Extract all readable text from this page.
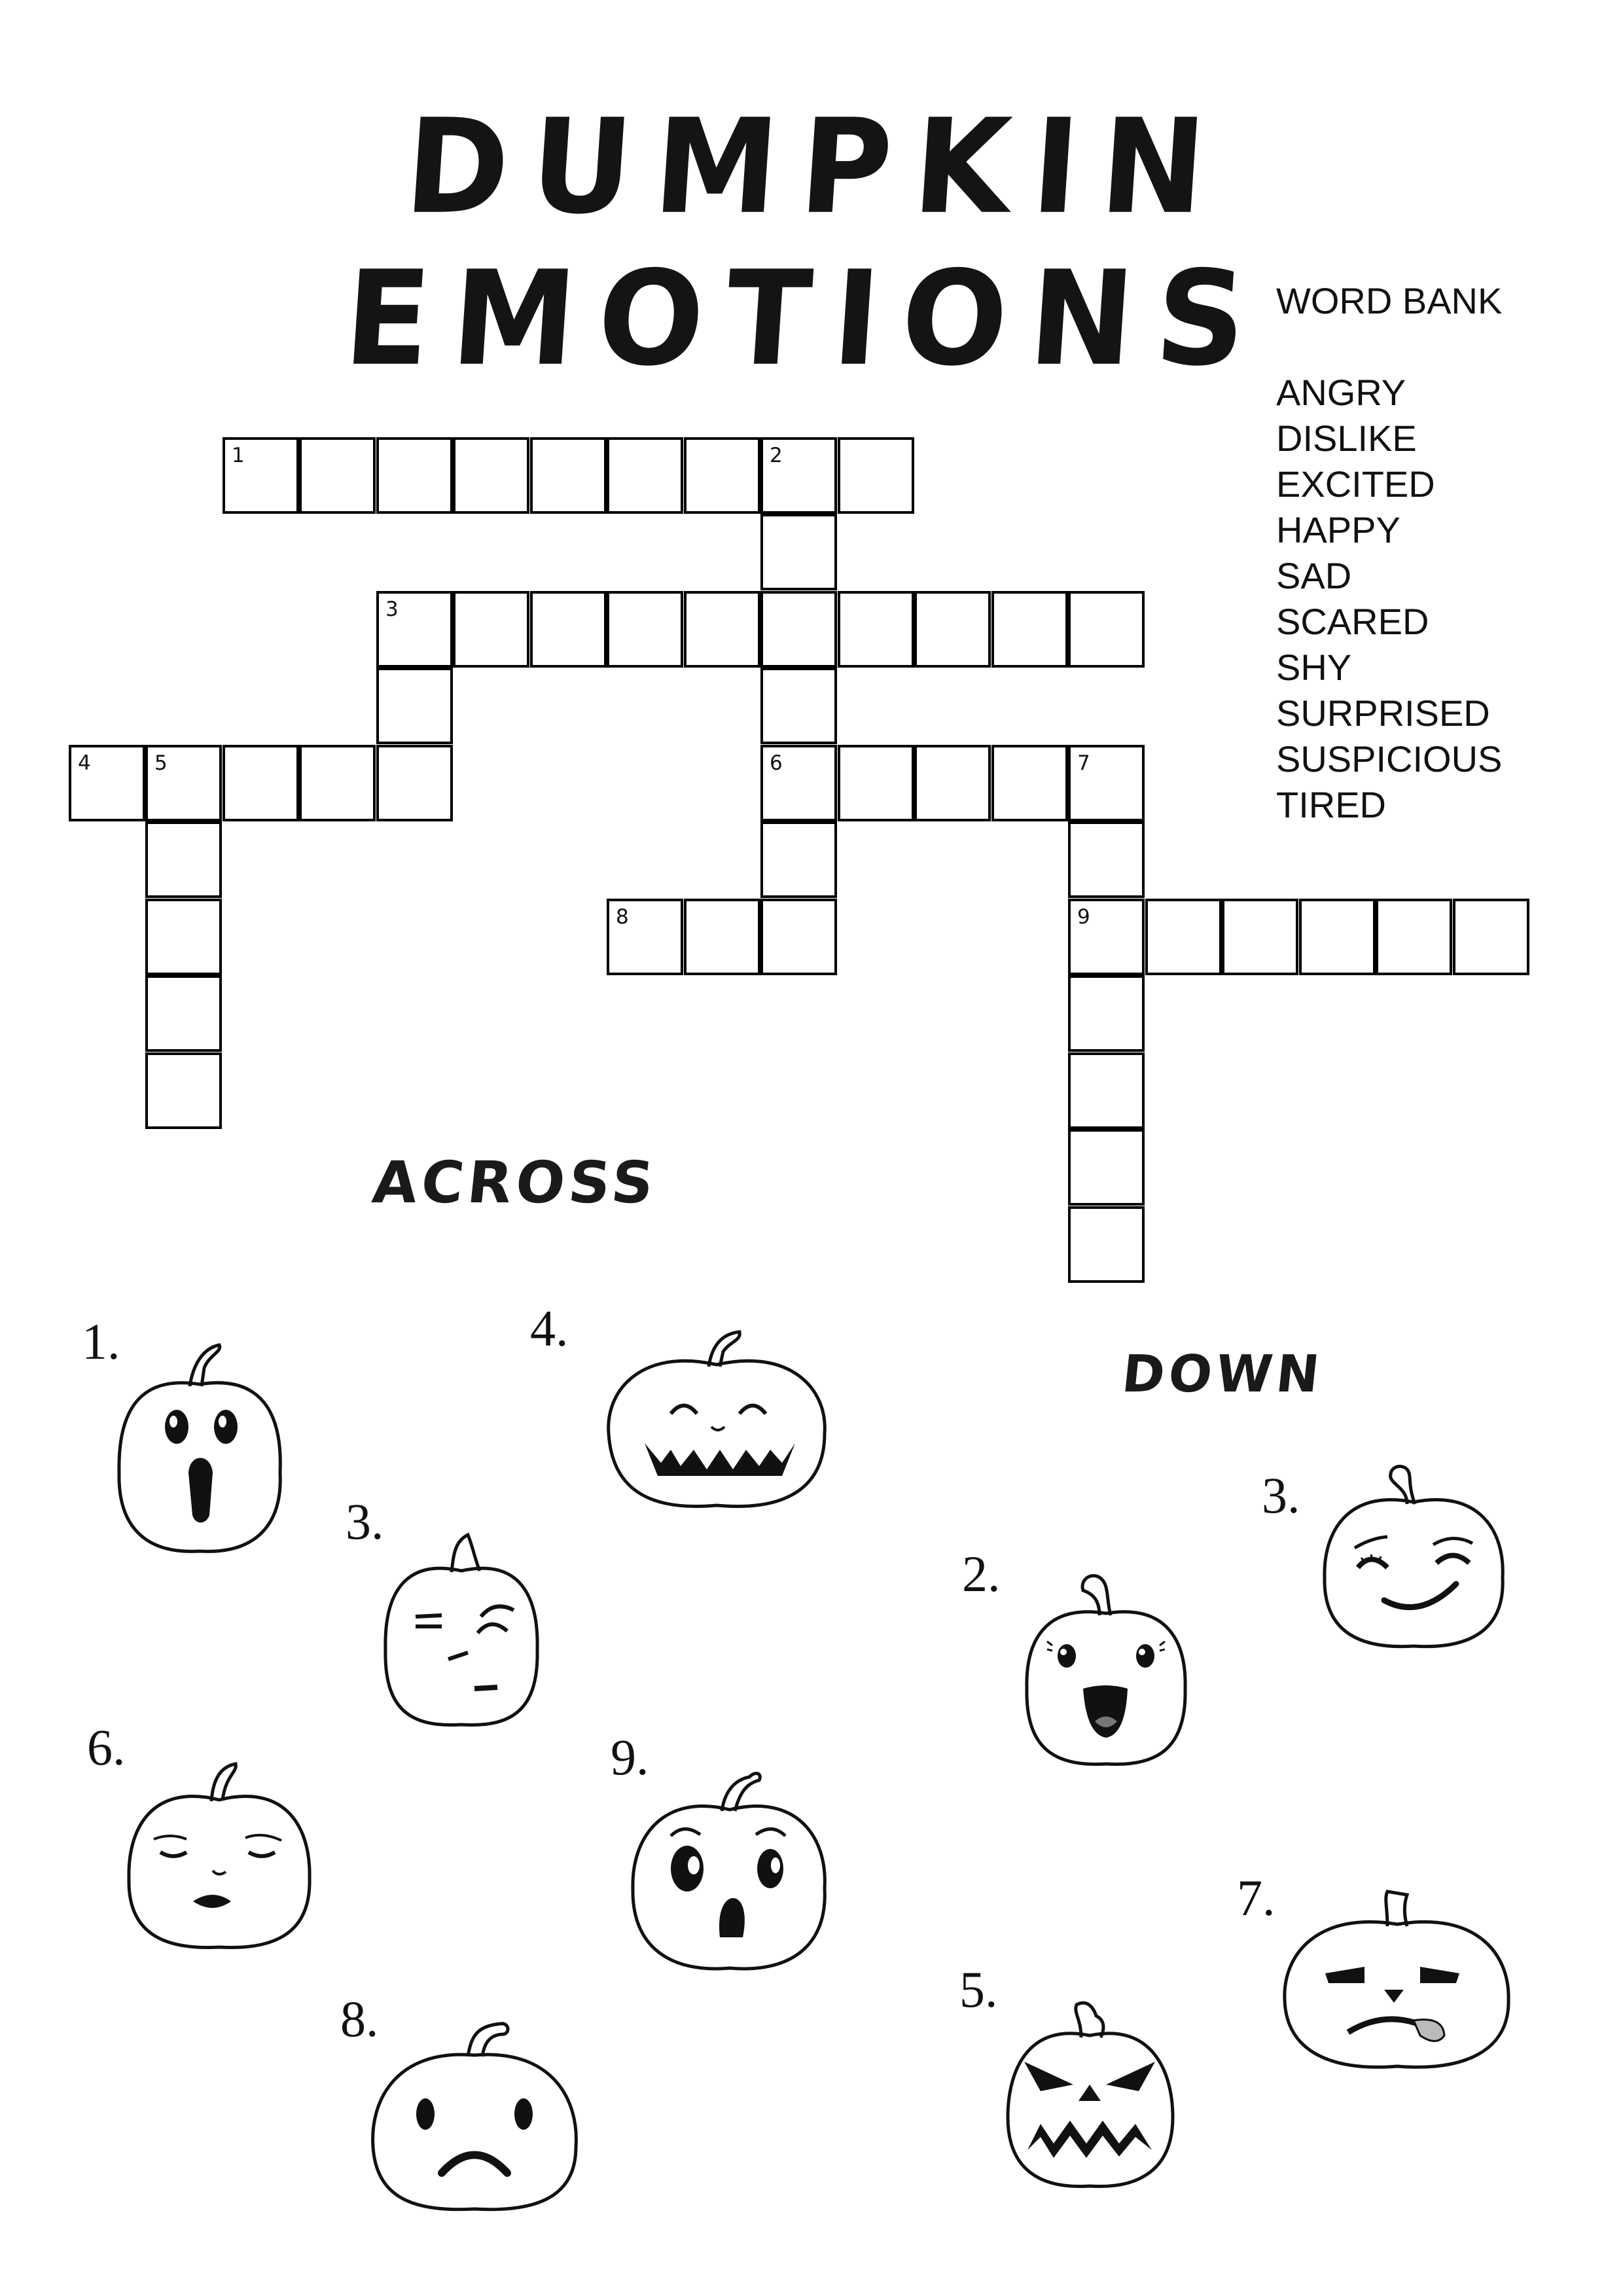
DUMPKIN EMOTIONS
1	2
3
4	5	6	7
8	9
WORD BANK
ANGRY
DISLIKE
EXCITED
HAPPY
SAD
SCARED
SHY
SURPRISED
SUSPICIOUS
TIRED
ACROSS
DOWN
1.
3.
4.
6.
8.
9.
2.
3.
5.
7.
